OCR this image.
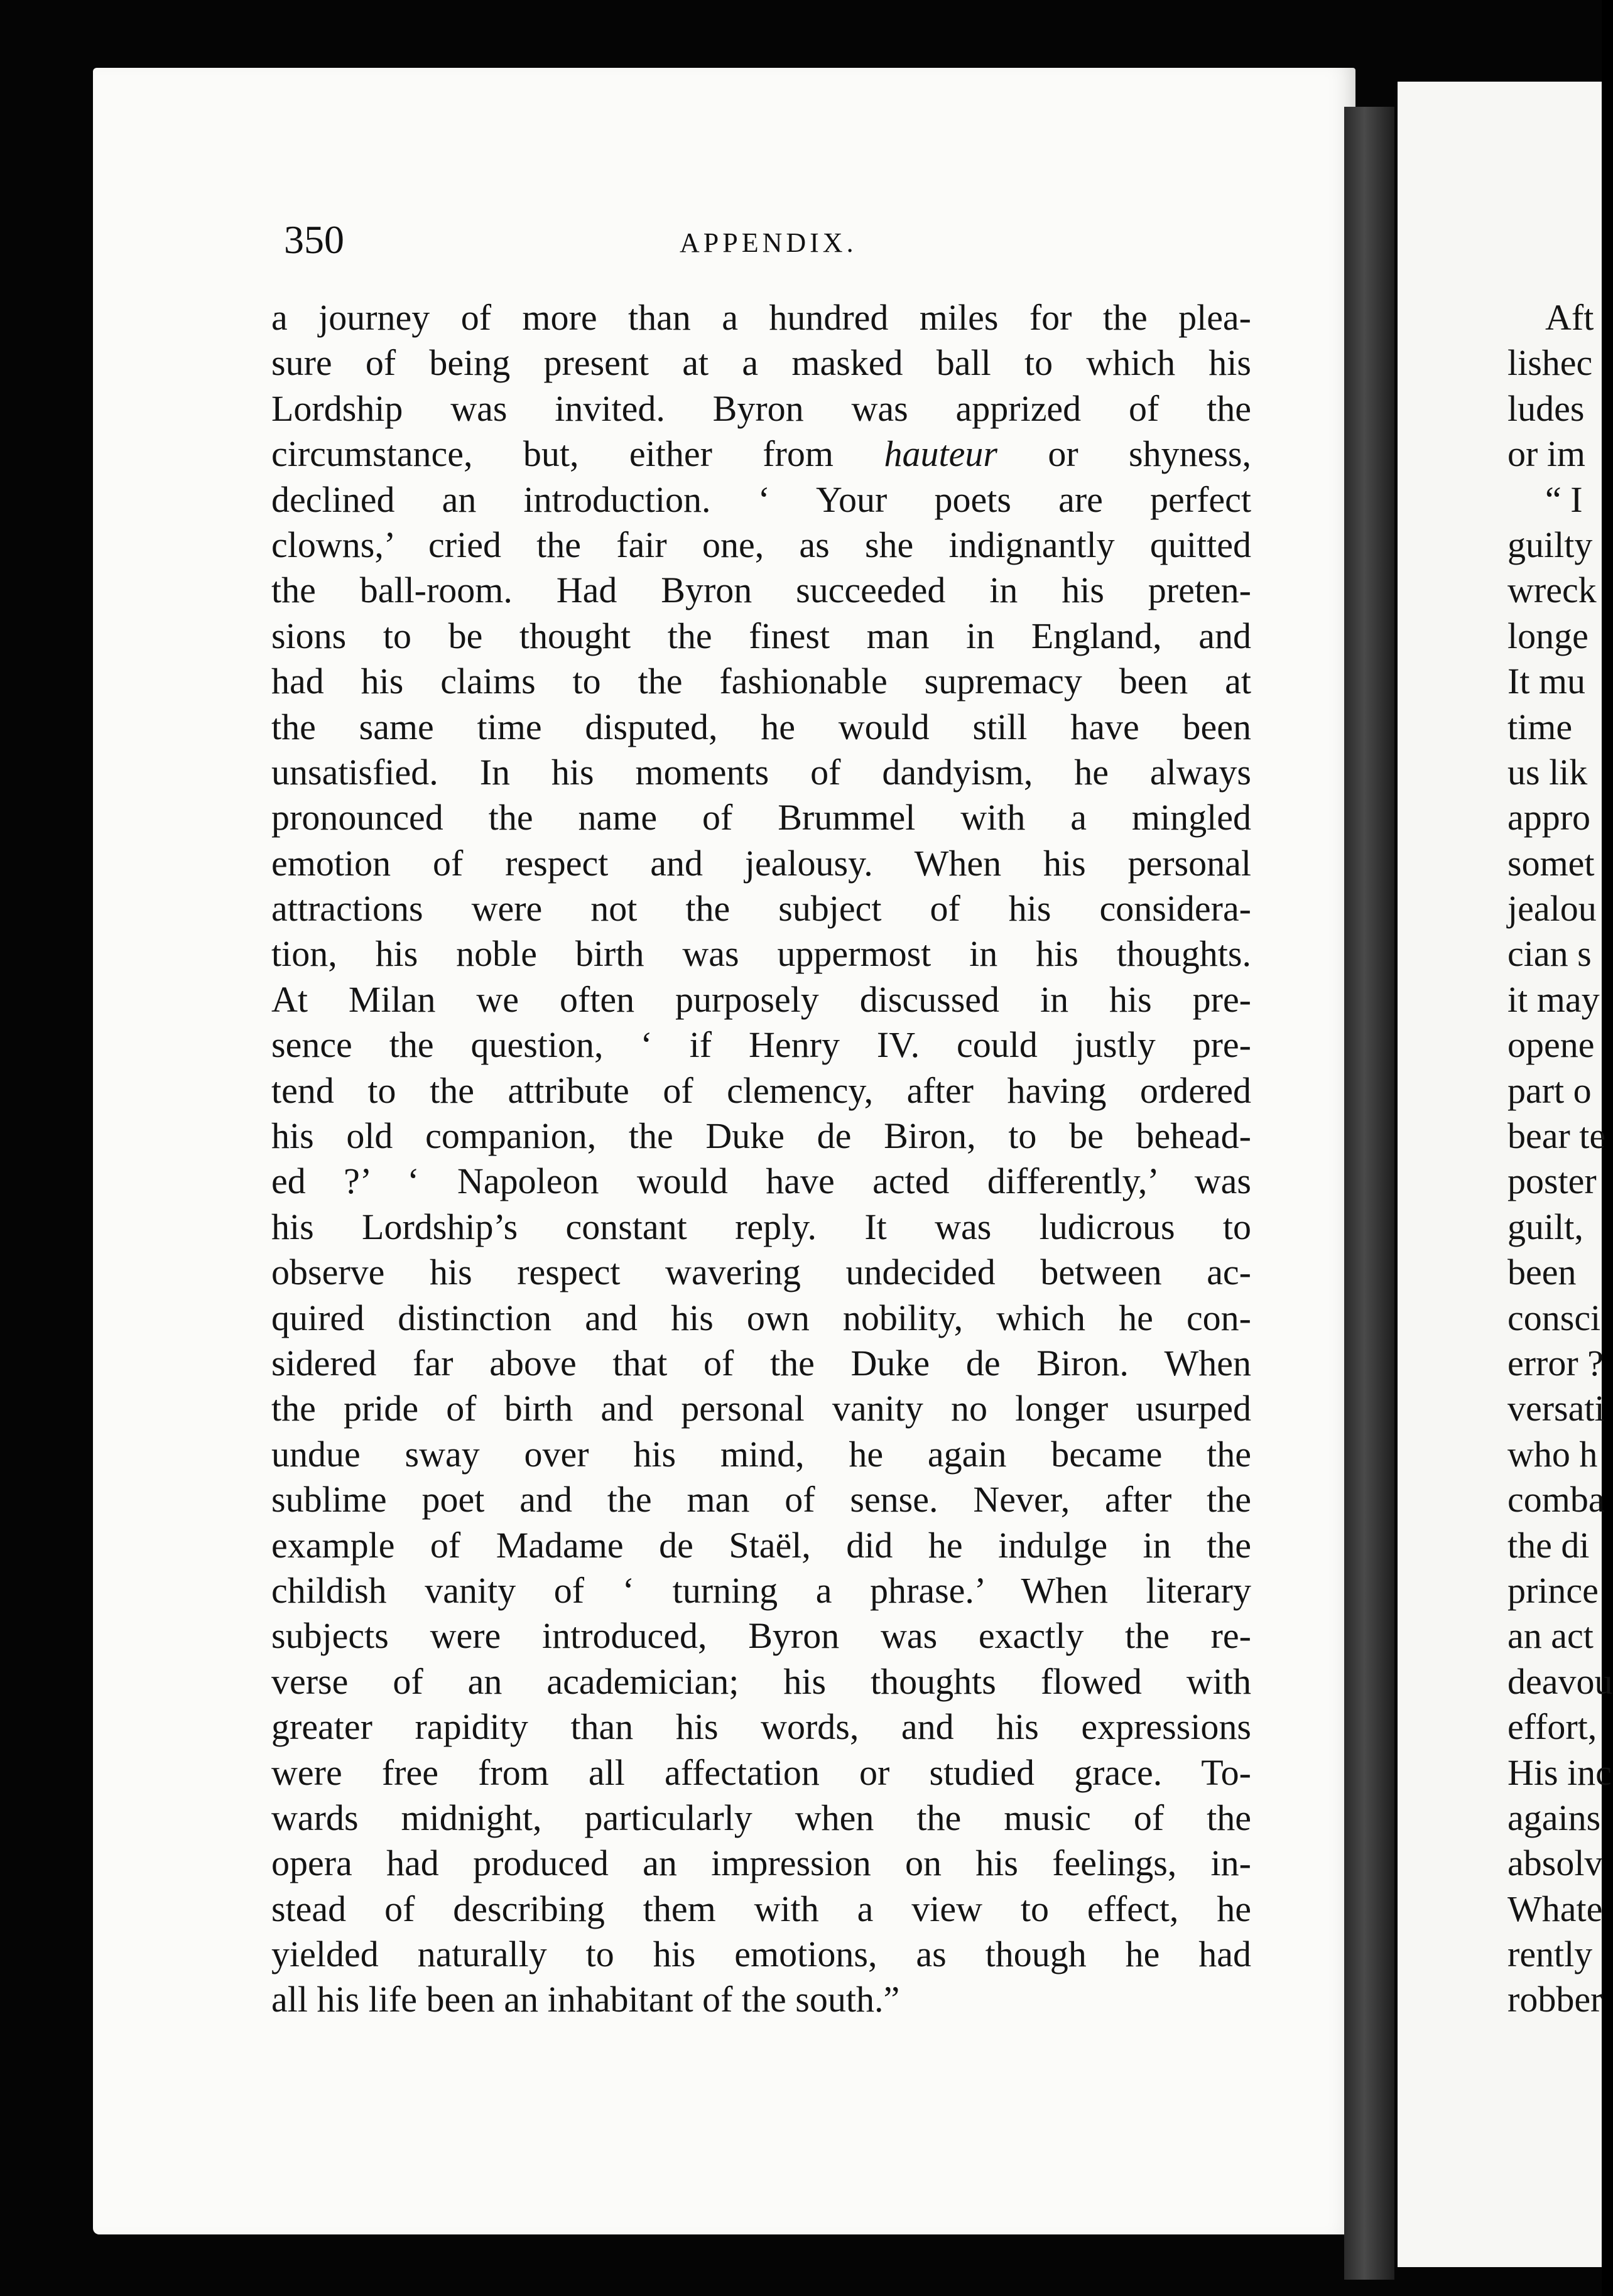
350	APPENDIX.
a journey of more than a hundred miles for the plea-
sure of being present at a masked ball to which his
Lordship was invited. Byron was apprized of the
circumstance, but, either from hauteur or shyness,
declined an introduction. ‘ Your poets are perfect
clowns,’ cried the fair one, as she indignantly quitted
the ball-room. Had Byron succeeded in his preten-
sions to be thought the finest man in England, and
had his claims to the fashionable supremacy been at
the same time disputed, he would still have been
unsatisfied. In his moments of dandyism, he always
pronounced the name of Brummel with a mingled
emotion of respect and jealousy. When his personal
attractions were not the subject of his considera-
tion, his noble birth was uppermost in his thoughts.
At Milan we often purposely discussed in his pre-
sence the question, ‘ if Henry IV. could justly pre-
tend to the attribute of clemency, after having ordered
his old companion, the Duke de Biron, to be behead-
ed ?’ ‘ Napoleon would have acted differently,’ was
his Lordship’s constant reply. It was ludicrous to
observe his respect wavering undecided between ac-
quired distinction and his own nobility, which he con-
sidered far above that of the Duke de Biron. When
the pride of birth and personal vanity no longer usurped
undue sway over his mind, he again became the
sublime poet and the man of sense. Never, after the
example of Madame de Staël, did he indulge in the
childish vanity of ‘ turning a phrase.’ When literary
subjects were introduced, Byron was exactly the re-
verse of an academician; his thoughts flowed with
greater rapidity than his words, and his expressions
were free from all affectation or studied grace. To-
wards midnight, particularly when the music of the
opera had produced an impression on his feelings, in-
stead of describing them with a view to effect, he
yielded naturally to his emotions, as though he had
all his life been an inhabitant of the south.”
Aft
lishec
ludes
or im
“ I
guilty
wreck
longe
It mu
time
us lik
appro
somet
jealou
cian s
it may
opene
part o
bear te
poster
guilt,
been
consci
error ?
versati
who h
comba
the di
prince
an act
deavou
effort,
His inc
agains
absolv
Whate
rently
robber
